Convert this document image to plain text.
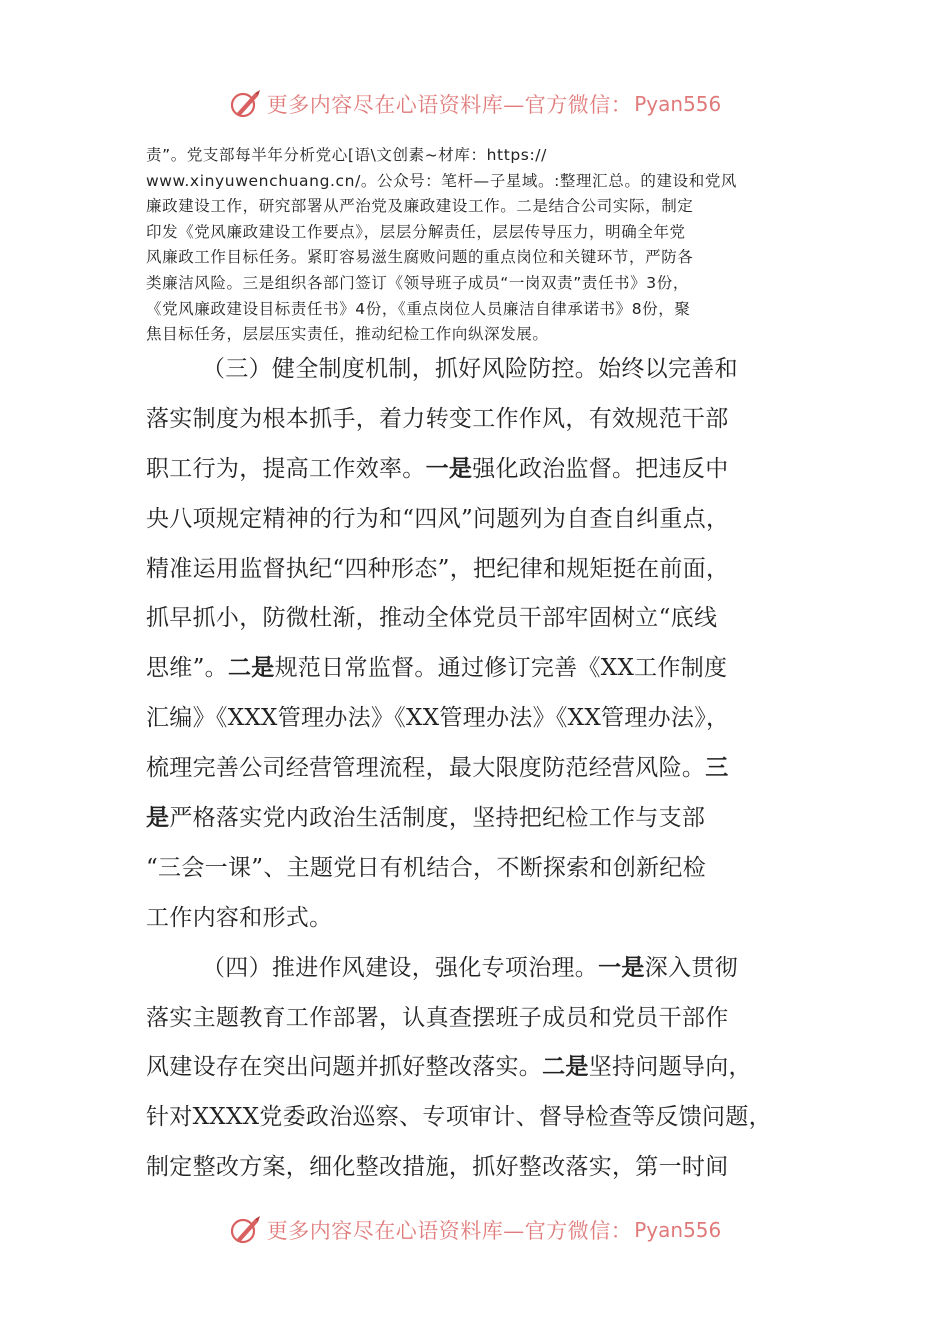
更多内容尽在心语资料库—官方微信： Pyan556
责”。党支部每半年分析党心[语\文创素~材库：https://
www.xinyuwenchuang.cn/。公众号：笔杆—子星域。:整理汇总。的建设和党风
廉政建设工作，研究部署从严治党及廉政建设工作。二是结合公司实际，制定
印发《党风廉政建设工作要点》，层层分解责任，层层传导压力，明确全年党
风廉政工作目标任务。紧盯容易滋生腐败问题的重点岗位和关键环节，严防各
类廉洁风险。三是组织各部门签订《领导班子成员“一岗双责”责任书》3份，
《党风廉政建设目标责任书》4份，《重点岗位人员廉洁自律承诺书》8份，聚
焦目标任务，层层压实责任，推动纪检工作向纵深发展。
（三）健全制度机制，抓好风险防控。始终以完善和
落实制度为根本抓手，着力转变工作作风，有效规范干部
职工行为，提高工作效率。一是强化政治监督。把违反中
央八项规定精神的行为和“四风”问题列为自查自纠重点，
精准运用监督执纪“四种形态”，把纪律和规矩挺在前面，
抓早抓小，防微杜渐，推动全体党员干部牢固树立“底线
思维”。二是规范日常监督。通过修订完善《XX工作制度
汇编》《XXX管理办法》《XX管理办法》《XX管理办法》，
梳理完善公司经营管理流程，最大限度防范经营风险。三
是严格落实党内政治生活制度，坚持把纪检工作与支部
“三会一课”、主题党日有机结合，不断探索和创新纪检
工作内容和形式。
（四）推进作风建设，强化专项治理。一是深入贯彻
落实主题教育工作部署，认真查摆班子成员和党员干部作
风建设存在突出问题并抓好整改落实。二是坚持问题导向，
针对XXXX党委政治巡察、专项审计、督导检查等反馈问题，
制定整改方案，细化整改措施，抓好整改落实，第一时间
更多内容尽在心语资料库—官方微信： Pyan556
